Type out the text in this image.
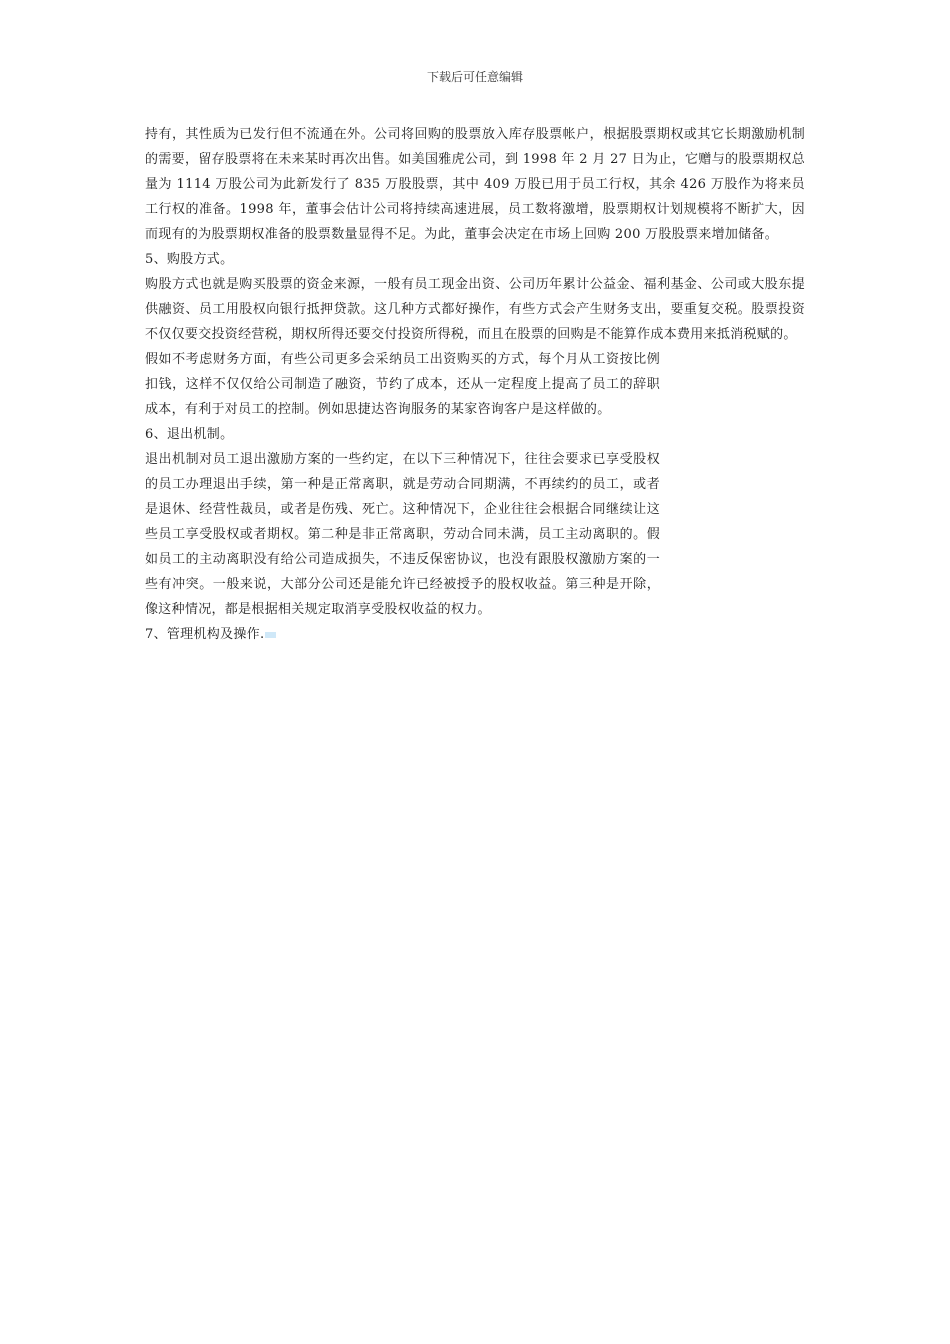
下载后可任意编辑

持有，其性质为已发行但不流通在外。公司将回购的股票放入库存股票帐户，根据股票期权或其它长期激励机制的需要，留存股票将在未来某时再次出售。如美国雅虎公司，到 1998 年 2 月 27 日为止，它赠与的股票期权总量为 1114 万股公司为此新发行了 835 万股股票，其中 409 万股已用于员工行权，其余 426 万股作为将来员工行权的准备。1998 年，董事会估计公司将持续高速进展，员工数将激增，股票期权计划规模将不断扩大，因而现有的为股票期权准备的股票数量显得不足。为此，董事会决定在市场上回购 200 万股股票来增加储备。

5、购股方式。

购股方式也就是购买股票的资金来源，一般有员工现金出资、公司历年累计公益金、福利基金、公司或大股东提供融资、员工用股权向银行抵押贷款。这几种方式都好操作，有些方式会产生财务支出，要重复交税。股票投资不仅仅要交投资经营税，期权所得还要交付投资所得税，而且在股票的回购是不能算作成本费用来抵消税赋的。

假如不考虑财务方面，有些公司更多会采纳员工出资购买的方式，每个月从工资按比例扣钱，这样不仅仅给公司制造了融资，节约了成本，还从一定程度上提高了员工的辞职成本，有利于对员工的控制。例如思捷达咨询服务的某家咨询客户是这样做的。

6、退出机制。

退出机制对员工退出激励方案的一些约定，在以下三种情况下，往往会要求已享受股权的员工办理退出手续，第一种是正常离职，就是劳动合同期满，不再续约的员工，或者是退休、经营性裁员，或者是伤残、死亡。这种情况下，企业往往会根据合同继续让这些员工享受股权或者期权。第二种是非正常离职，劳动合同未满，员工主动离职的。假如员工的主动离职没有给公司造成损失，不违反保密协议，也没有跟股权激励方案的一些有冲突。一般来说，大部分公司还是能允许已经被授予的股权收益。第三种是开除，像这种情况，都是根据相关规定取消享受股权收益的权力。

7、管理机构及操作.
